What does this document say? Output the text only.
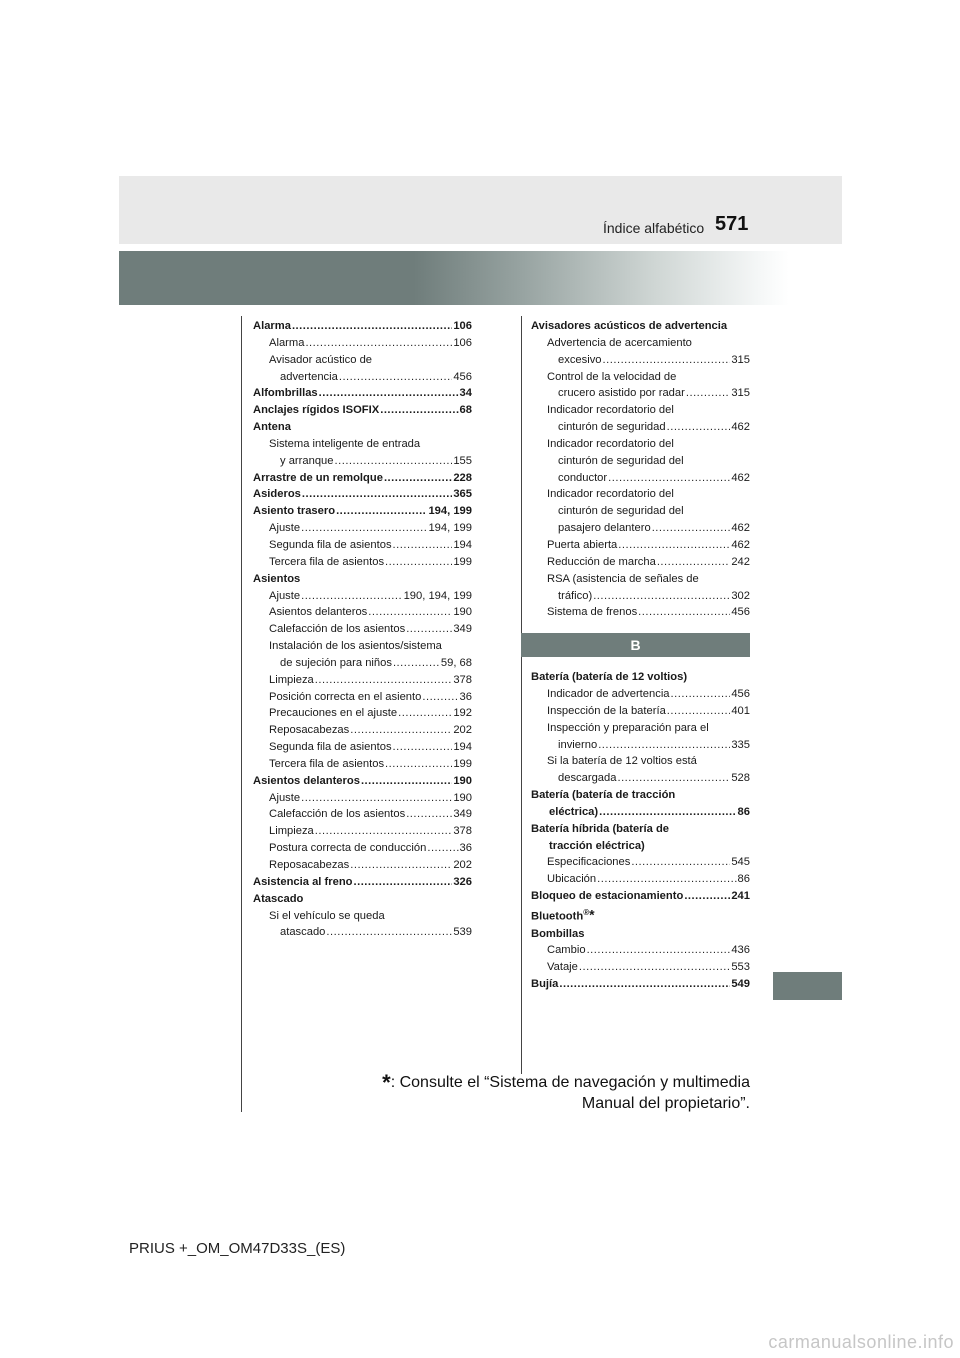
Índice alfabético 571
Alarma .....	106
Alarma .....	106
Avisador acústico de
advertencia .....	456
Alfombrillas .....	34
Anclajes rígidos ISOFIX .....	68
Antena
Sistema inteligente de entrada
y arranque .....	155
Arrastre de un remolque .....	228
Asideros .....	365
Asiento trasero .....	194, 199
Ajuste .....	194, 199
Segunda fila de asientos .....	194
Tercera fila de asientos .....	199
Asientos
Ajuste .....	190, 194, 199
Asientos delanteros .....	190
Calefacción de los asientos .....	349
Instalación de los asientos/sistema
de sujeción para niños .....	59, 68
Limpieza .....	378
Posición correcta en el asiento .....	36
Precauciones en el ajuste .....	192
Reposacabezas .....	202
Segunda fila de asientos .....	194
Tercera fila de asientos .....	199
Asientos delanteros .....	190
Ajuste .....	190
Calefacción de los asientos .....	349
Limpieza .....	378
Postura correcta de conducción .....	36
Reposacabezas .....	202
Asistencia al freno .....	326
Atascado
Si el vehículo se queda
atascado .....	539
Avisadores acústicos de advertencia
Advertencia de acercamiento
excesivo .....	315
Control de la velocidad de
crucero asistido por radar .....	315
Indicador recordatorio del
cinturón de seguridad .....	462
Indicador recordatorio del
cinturón de seguridad del
conductor .....	462
Indicador recordatorio del
cinturón de seguridad del
pasajero delantero .....	462
Puerta abierta .....	462
Reducción de marcha .....	242
RSA (asistencia de señales de
tráfico) .....	302
Sistema de frenos .....	456
B
Batería (batería de 12 voltios)
Indicador de advertencia .....	456
Inspección de la batería .....	401
Inspección y preparación para el
invierno .....	335
Si la batería de 12 voltios está
descargada .....	528
Batería (batería de tracción
eléctrica) .....	86
Batería híbrida (batería de
tracción eléctrica)
Especificaciones .....	545
Ubicación .....	86
Bloqueo de estacionamiento .....	241
Bluetooth®*
Bombillas
Cambio .....	436
Vataje .....	553
Bujía .....	549
*: Consulte el “Sistema de navegación y multimedia
Manual del propietario”.
PRIUS +_OM_OM47D33S_(ES)
carmanualsonline.info
